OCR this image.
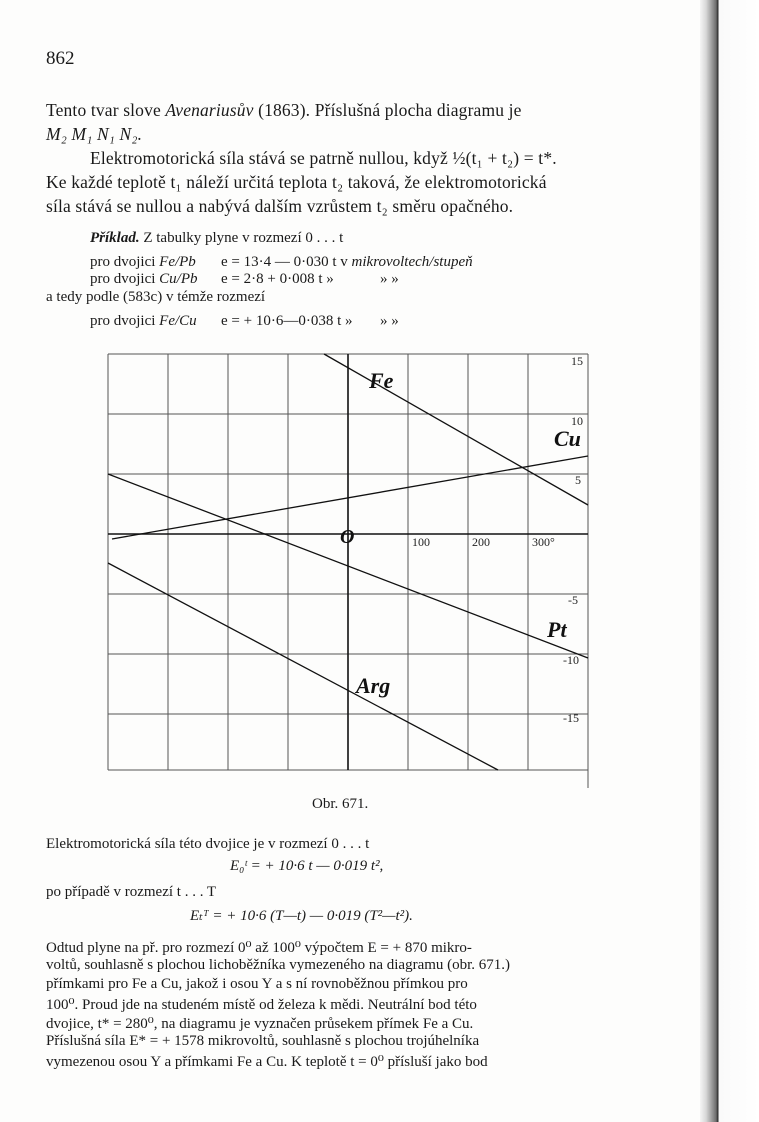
862
Tento tvar slove Avenariusův (1863). Příslušná plocha diagramu je
M₂ M₁ N₁ N₂.
Elektromotorická síla stává se patrně nullou, když ½(t₁ + t₂) = t*.
Ke každé teplotě t₁ náleží určitá teplota t₂ taková, že elektromotorická
síla stává se nullou a nabývá dalším vzrůstem t₂ směru opačného.
Příklad. Z tabulky plyne v rozmezí 0 . . . t
pro dvojici Fe/Pb e = 13·4 — 0·030 t v mikrovoltech/stupeň
pro dvojici Cu/Pb e = 2·8 + 0·008 t »	» »
a tedy podle (583c) v témže rozmezí
pro dvojici Fe/Cu e = + 10·6—0·038 t » » »
Fe
Cu
Pt
Arg
O	100	200	300°
15
10
5
-5
-10
-15
Obr. 671.
Elektromotorická síla této dvojice je v rozmezí 0 . . . t
E₀ᵗ = + 10·6 t — 0·019 t²,
po případě v rozmezí t . . . T
Eₜᵀ = + 10·6 (T—t) — 0·019 (T²—t²).
Odtud plyne na př. pro rozmezí 0⁰ až 100⁰ výpočtem E = + 870 mikro-
voltů, souhlasně s plochou lichoběžníka vymezeného na diagramu (obr. 671.)
přímkami pro Fe a Cu, jakož i osou Y a s ní rovnoběžnou přímkou pro
100⁰. Proud jde na studeném místě od železa k mědi. Neutrální bod této
dvojice, t* = 280⁰, na diagramu je vyznačen průsekem přímek Fe a Cu.
Příslušná síla E* = + 1578 mikrovoltů, souhlasně s plochou trojúhelníka
vymezenou osou Y a přímkami Fe a Cu. K teplotě t = 0⁰ přísluší jako bod
